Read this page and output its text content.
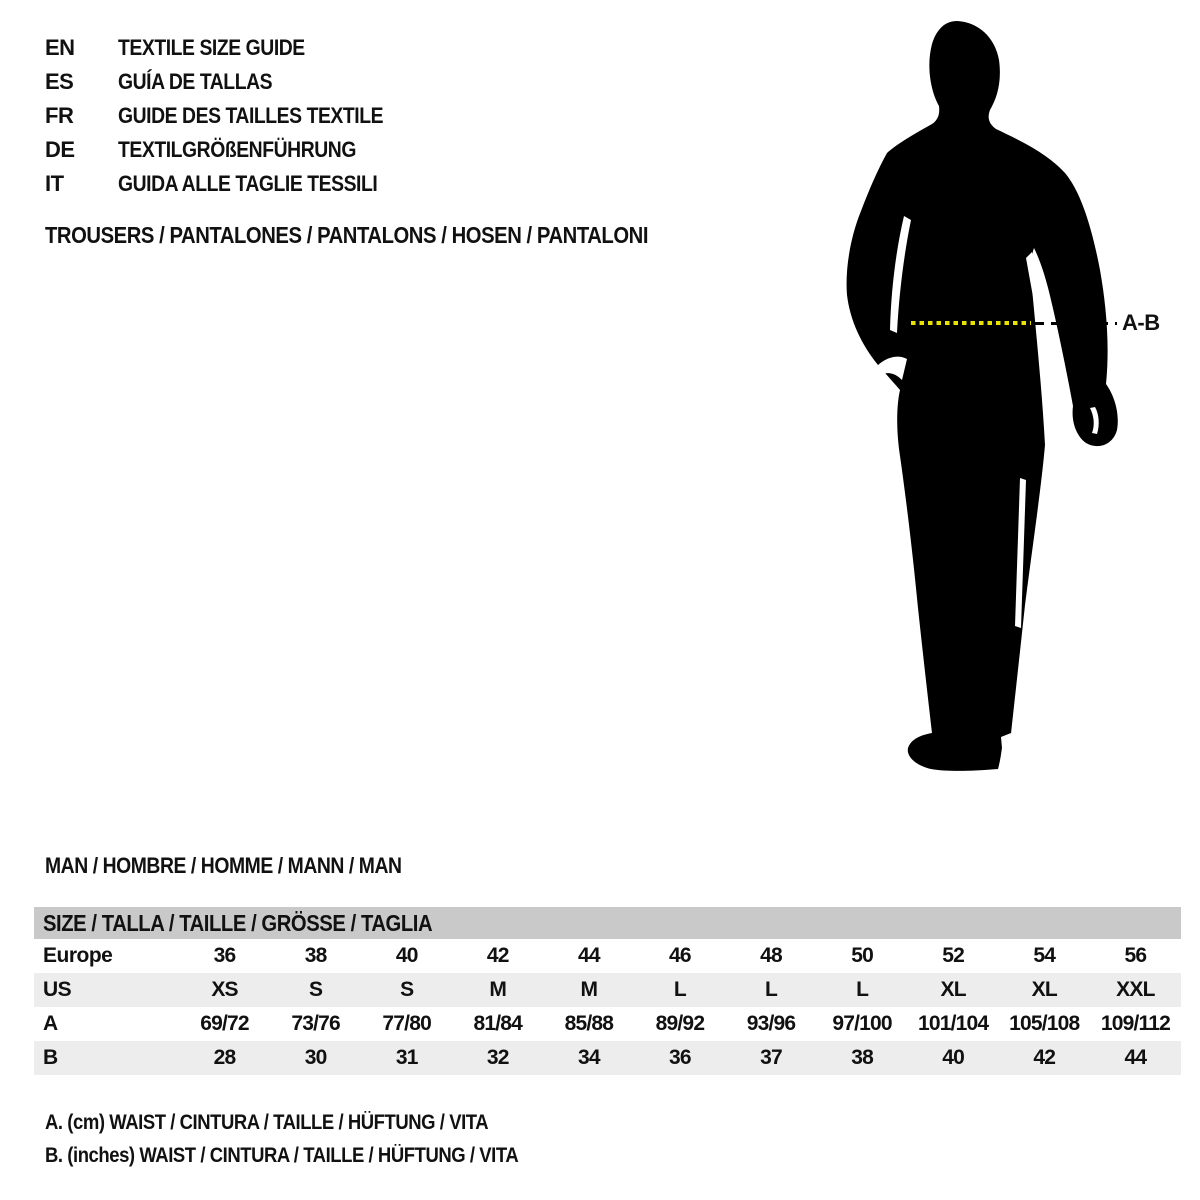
EN	TEXTILE SIZE GUIDE
ES	GUÍA DE TALLAS
FR	GUIDE DES TAILLES TEXTILE
DE	TEXTILGRÖßENFÜHRUNG
IT	GUIDA ALLE TAGLIE TESSILI
TROUSERS / PANTALONES / PANTALONS / HOSEN / PANTALONI
A-B
MAN / HOMBRE / HOMME / MANN / MAN
SIZE / TALLA / TAILLE / GRÖSSE / TAGLIA											
Europe	36	38	40	42	44	46	48	50	52	54	56
US	XS	S	S	M	M	L	L	L	XL	XL	XXL
A	69/72	73/76	77/80	81/84	85/88	89/92	93/96	97/100	101/104	105/108	109/112
B	28	30	31	32	34	36	37	38	40	42	44

A. (cm) WAIST / CINTURA / TAILLE / HÜFTUNG / VITA

B. (inches) WAIST / CINTURA / TAILLE / HÜFTUNG / VITA
